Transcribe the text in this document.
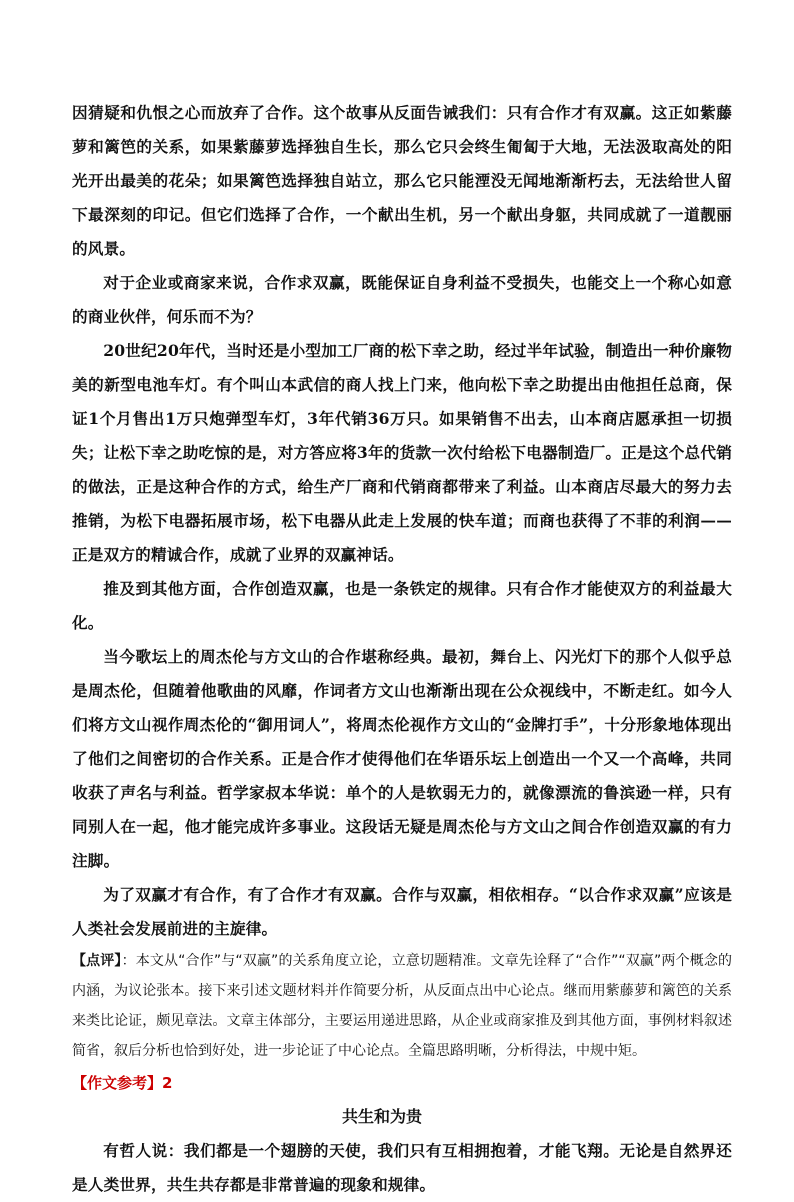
因猜疑和仇恨之心而放弃了合作。这个故事从反面告诫我们：只有合作才有双赢。这正如紫藤萝和篱笆的关系，如果紫藤萝选择独自生长，那么它只会终生匍匐于大地，无法汲取高处的阳光开出最美的花朵；如果篱笆选择独自站立，那么它只能湮没无闻地渐渐朽去，无法给世人留下最深刻的印记。但它们选择了合作，一个献出生机，另一个献出身躯，共同成就了一道靓丽的风景。

对于企业或商家来说，合作求双赢，既能保证自身利益不受损失，也能交上一个称心如意的商业伙伴，何乐而不为？

20世纪20年代，当时还是小型加工厂商的松下幸之助，经过半年试验，制造出一种价廉物美的新型电池车灯。有个叫山本武信的商人找上门来，他向松下幸之助提出由他担任总商，保证1个月售出1万只炮弹型车灯，3年代销36万只。如果销售不出去，山本商店愿承担一切损失；让松下幸之助吃惊的是，对方答应将3年的货款一次付给松下电器制造厂。正是这个总代销的做法，正是这种合作的方式，给生产厂商和代销商都带来了利益。山本商店尽最大的努力去推销，为松下电器拓展市场，松下电器从此走上发展的快车道；而商也获得了不菲的利润——正是双方的精诚合作，成就了业界的双赢神话。

推及到其他方面，合作创造双赢，也是一条铁定的规律。只有合作才能使双方的利益最大化。

当今歌坛上的周杰伦与方文山的合作堪称经典。最初，舞台上、闪光灯下的那个人似乎总是周杰伦，但随着他歌曲的风靡，作词者方文山也渐渐出现在公众视线中，不断走红。如今人们将方文山视作周杰伦的“御用词人”，将周杰伦视作方文山的“金牌打手”，十分形象地体现出了他们之间密切的合作关系。正是合作才使得他们在华语乐坛上创造出一个又一个高峰，共同收获了声名与利益。哲学家叔本华说：单个的人是软弱无力的，就像漂流的鲁滨逊一样，只有同别人在一起，他才能完成许多事业。这段话无疑是周杰伦与方文山之间合作创造双赢的有力注脚。

为了双赢才有合作，有了合作才有双赢。合作与双赢，相依相存。“以合作求双赢”应该是人类社会发展前进的主旋律。

【点评】：本文从“合作”与“双赢”的关系角度立论，立意切题精准。文章先诠释了“合作”“双赢”两个概念的内涵，为议论张本。接下来引述文题材料并作简要分析，从反面点出中心论点。继而用紫藤萝和篱笆的关系来类比论证，颇见章法。文章主体部分，主要运用递进思路，从企业或商家推及到其他方面，事例材料叙述简省，叙后分析也恰到好处，进一步论证了中心论点。全篇思路明晰，分析得法，中规中矩。

【作文参考】2

共生和为贵

有哲人说：我们都是一个翅膀的天使，我们只有互相拥抱着，才能飞翔。无论是自然界还是人类世界，共生共存都是非常普遍的现象和规律。
